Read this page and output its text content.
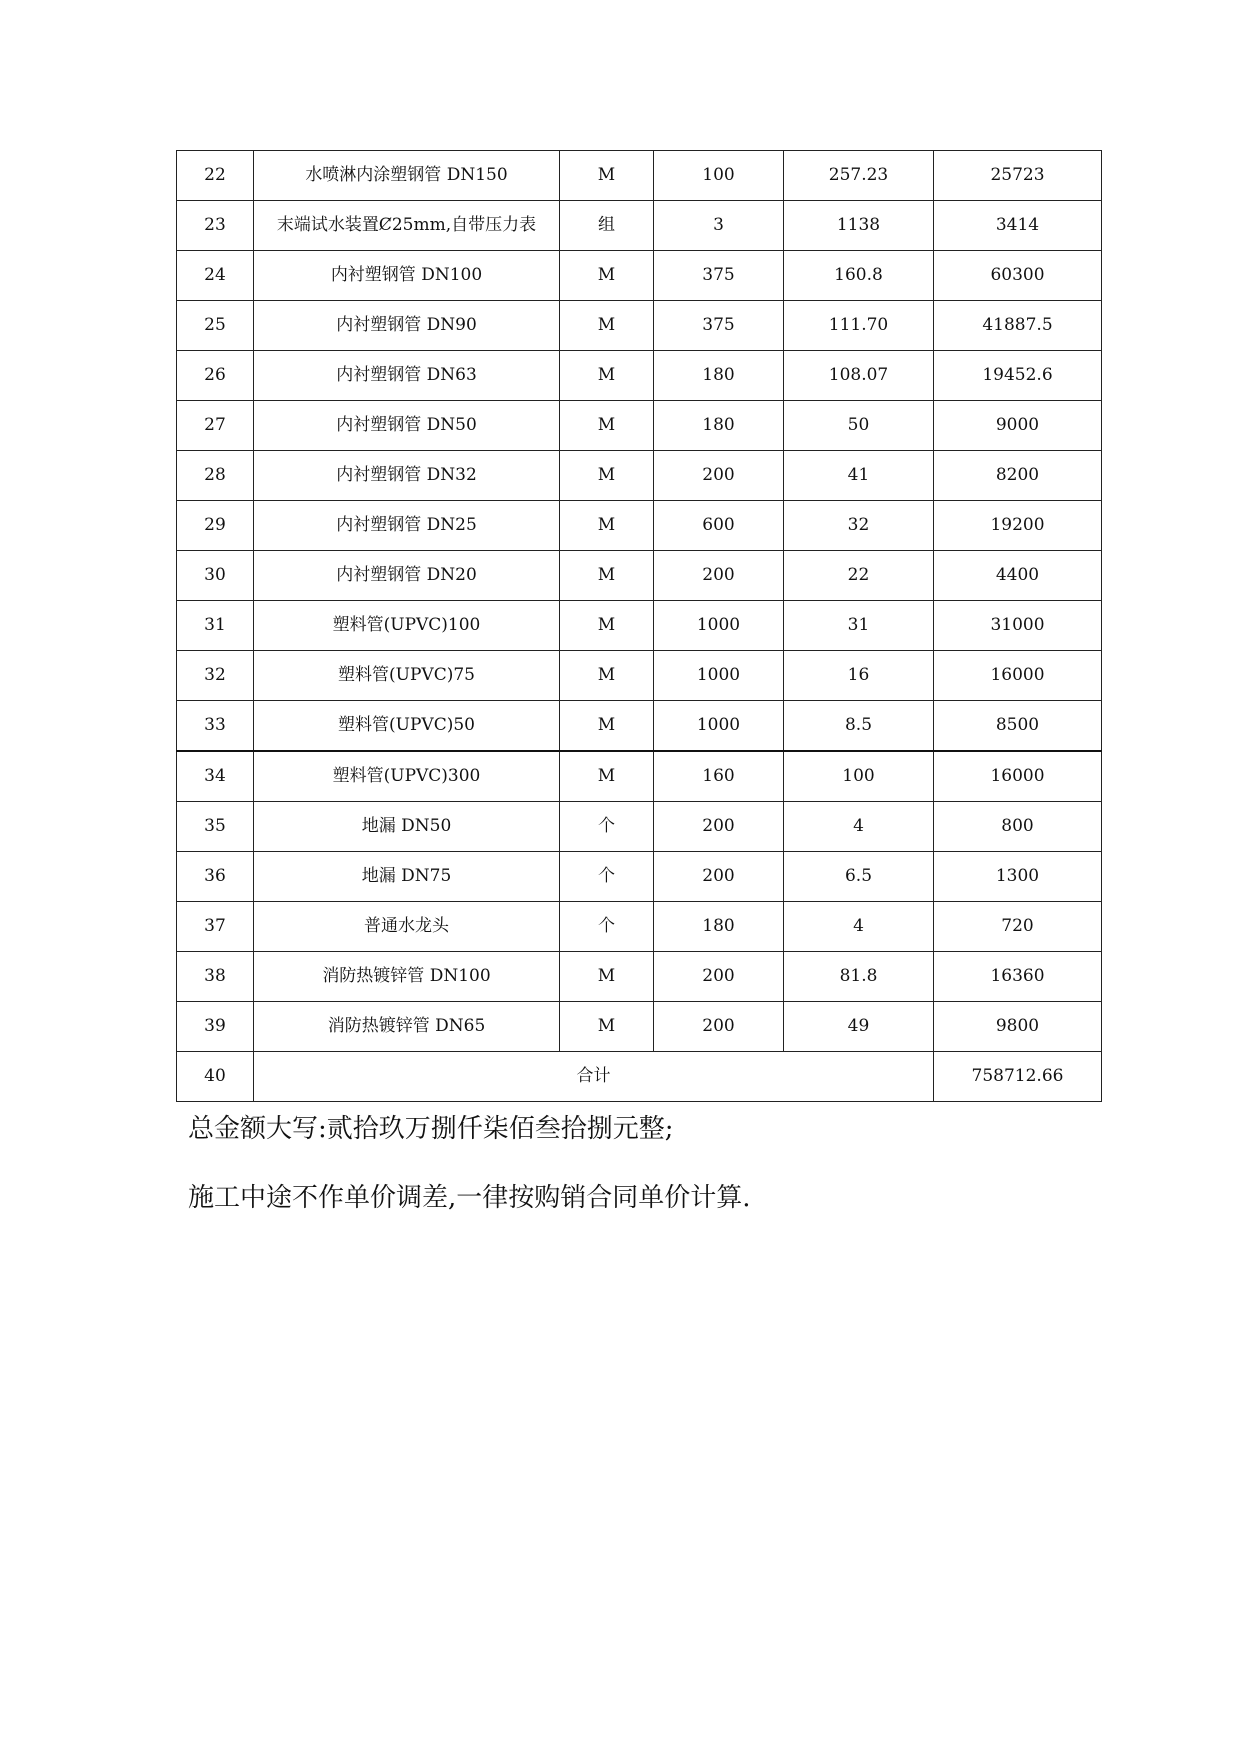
22	水喷淋内涂塑钢管 DN150	M	100	257.23	25723
23	末端试水装置Ȼ25mm,自带压力表	组	3	1138	3414
24	内衬塑钢管 DN100	M	375	160.8	60300
25	内衬塑钢管 DN90	M	375	111.70	41887.5
26	内衬塑钢管 DN63	M	180	108.07	19452.6
27	内衬塑钢管 DN50	M	180	50	9000
28	内衬塑钢管 DN32	M	200	41	8200
29	内衬塑钢管 DN25	M	600	32	19200
30	内衬塑钢管 DN20	M	200	22	4400
31	塑料管(UPVC)100	M	1000	31	31000
32	塑料管(UPVC)75	M	1000	16	16000
33	塑料管(UPVC)50	M	1000	8.5	8500
34	塑料管(UPVC)300	M	160	100	16000
35	地漏 DN50	个	200	4	800
36	地漏 DN75	个	200	6.5	1300
37	普通水龙头	个	180	4	720
38	消防热镀锌管 DN100	M	200	81.8	16360
39	消防热镀锌管 DN65	M	200	49	9800
40	合计				758712.66
总金额大写:贰拾玖万捌仟柒佰叁拾捌元整;
施工中途不作单价调差,一律按购销合同单价计算.
